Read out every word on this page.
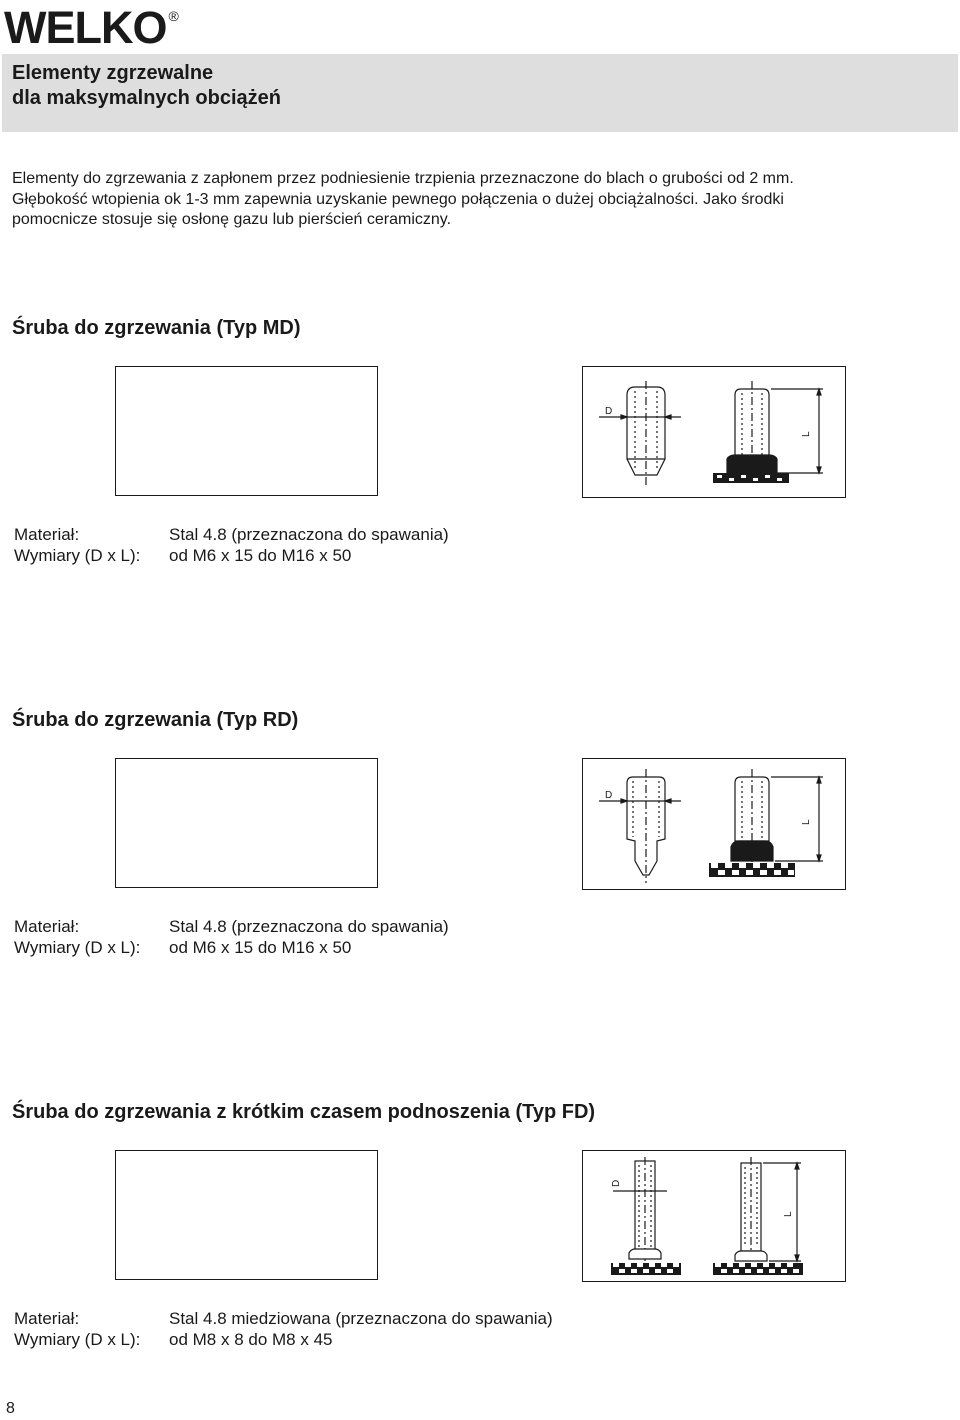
WELKO ®
Elementy zgrzewalne
dla maksymalnych obciążeń

Elementy do zgrzewania z zapłonem przez podniesienie trzpienia przeznaczone do blach o grubości od 2 mm.

Głębokość wtopienia ok 1-3 mm zapewnia uzyskanie pewnego połączenia o dużej obciążalności. Jako środki

pomocnicze stosuje się osłonę gazu lub pierścień ceramiczny.

Śruba do zgrzewania (Typ MD)
D
L
Materiał:	Stal 4.8 (przeznaczona do spawania)
Wymiary (D x L): od M6 x 15 do M16 x 50
Śruba do zgrzewania (Typ RD)
D
L
Materiał:	Stal 4.8 (przeznaczona do spawania)
Wymiary (D x L): od M6 x 15 do M16 x 50
Śruba do zgrzewania z krótkim czasem podnoszenia (Typ FD)
D
L
Materiał:	Stal 4.8 miedziowana (przeznaczona do spawania)
Wymiary (D x L): od M8 x 8 do M8 x 45
8
